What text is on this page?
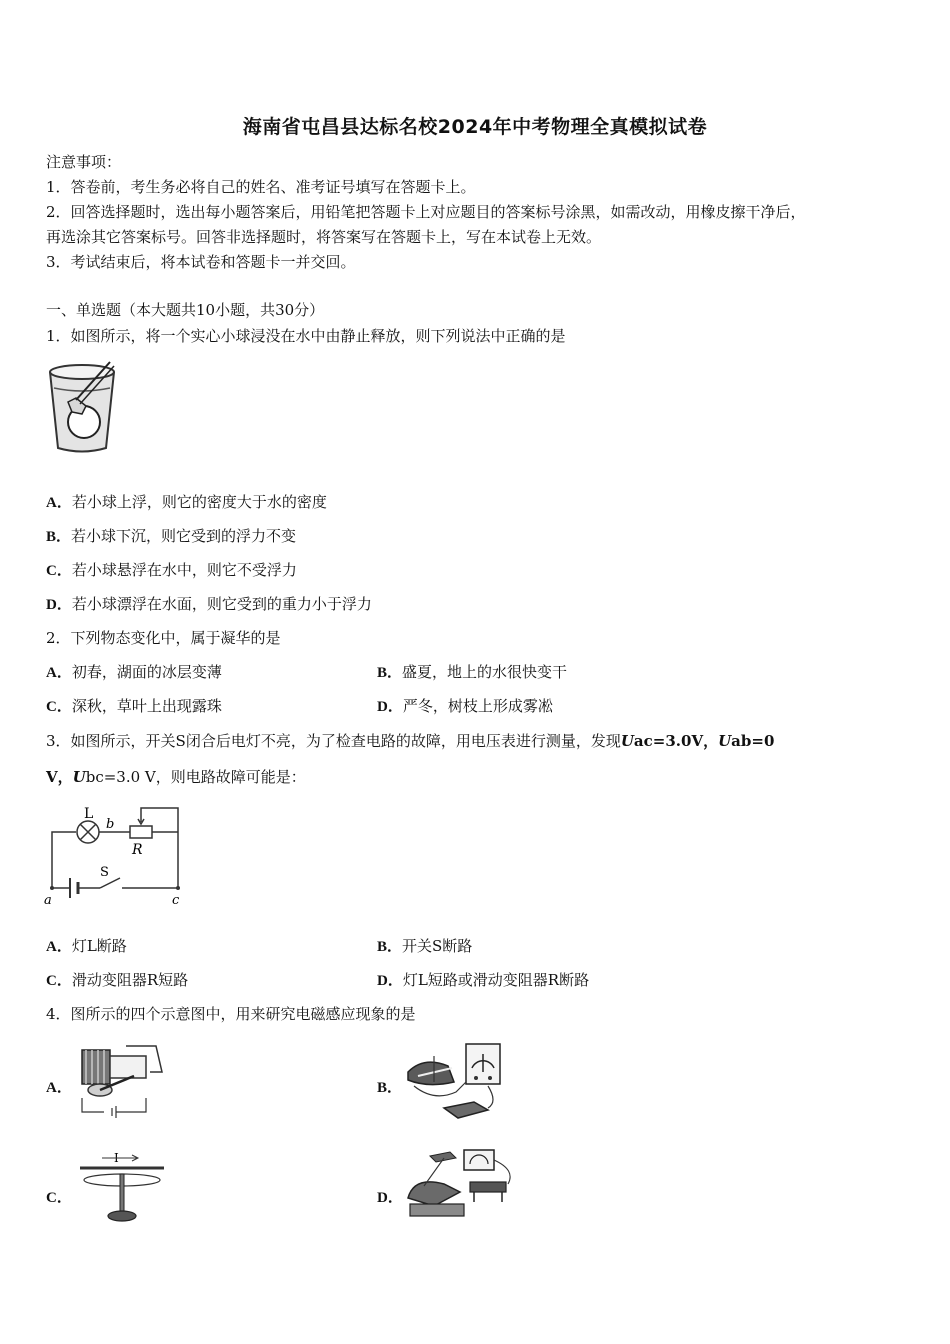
海南省屯昌县达标名校2024年中考物理全真模拟试卷
注意事项：
1．答卷前，考生务必将自己的姓名、准考证号填写在答题卡上。
2．回答选择题时，选出每小题答案后，用铅笔把答题卡上对应题目的答案标号涂黑，如需改动，用橡皮擦干净后，
再选涂其它答案标号。回答非选择题时，将答案写在答题卡上，写在本试卷上无效。
3．考试结束后，将本试卷和答题卡一并交回。
一、单选题（本大题共10小题，共30分）
1．如图所示，将一个实心小球浸没在水中由静止释放，则下列说法中正确的是
A．若小球上浮，则它的密度大于水的密度
B．若小球下沉，则它受到的浮力不变
C．若小球悬浮在水中，则它不受浮力
D．若小球漂浮在水面，则它受到的重力小于浮力
2．下列物态变化中，属于凝华的是
A．初春，湖面的冰层变薄	B．盛夏，地上的水很快变干
C．深秋，草叶上出现露珠	D．严冬，树枝上形成雾凇
3．如图所示，开关S闭合后电灯不亮，为了检查电路的故障，用电压表进行测量，发现Uac=3.0V，Uab=0
V，Ubc=3.0 V，则电路故障可能是：
L
b
R
S
a	c
A．灯L断路	B．开关S断路
C．滑动变阻器R短路	D．灯L短路或滑动变阻器R断路
4．图所示的四个示意图中，用来研究电磁感应现象的是
A．	B．
C．
I
D．
